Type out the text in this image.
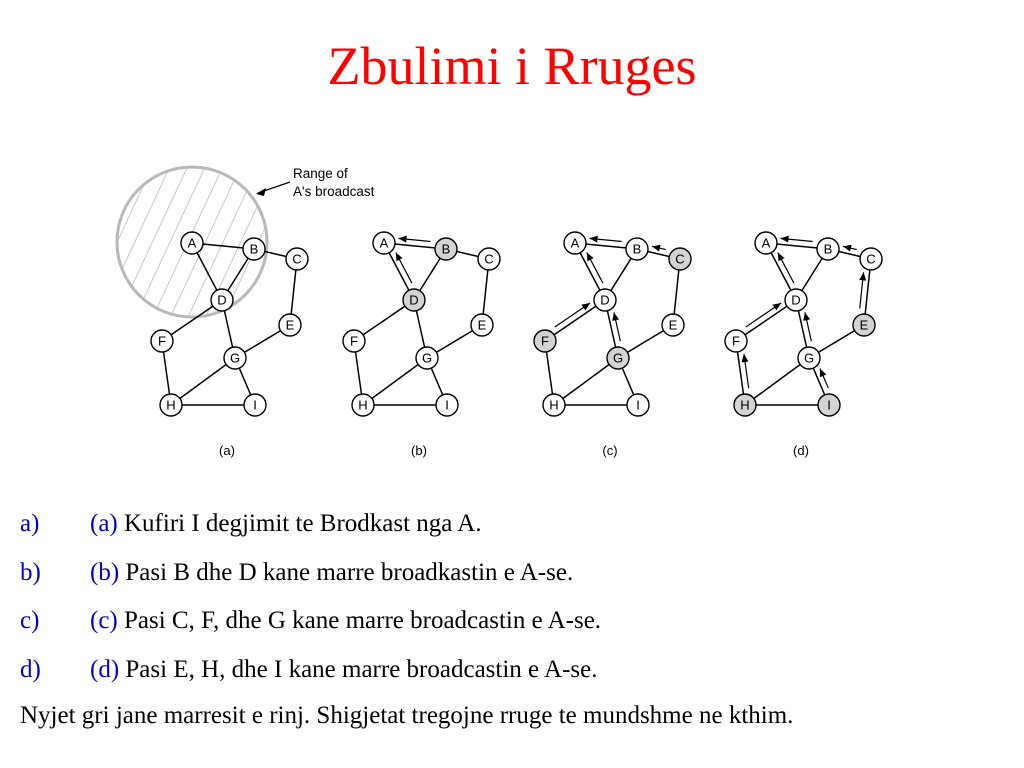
Zbulimi i Rruges
A	B
C
D
E
F
G
H	I
(a)
A	B
C
D
E
F
G
H	I
(b)
A	B
C
D
E
F
G
H	I
(c)
A	B
C
D
E
F
G
H	I
(d)
Range of
A's broadcast
a) (a) Kufiri I degjimit te Brodkast nga A.
b) (b) Pasi B dhe D kane marre broadkastin e A-se.
c) (c) Pasi C, F, dhe G kane marre broadcastin e A-se.
d) (d) Pasi E, H, dhe I kane marre broadcastin e A-se.
Nyjet gri jane marresit e rinj. Shigjetat tregojne rruge te mundshme ne kthim.
